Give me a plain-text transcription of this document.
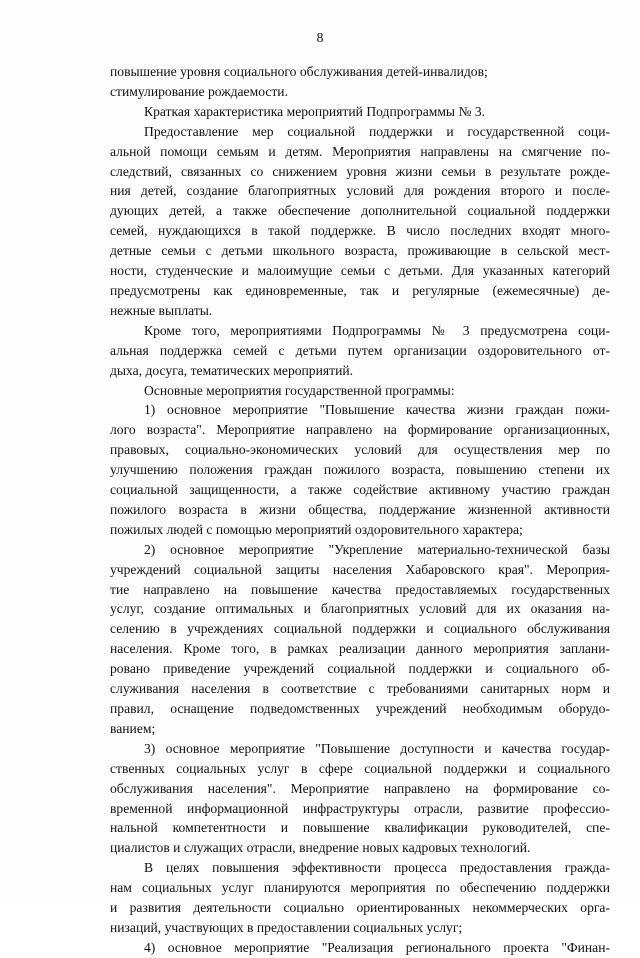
8
повышение уровня социального обслуживания детей-инвалидов;
стимулирование рождаемости.
Краткая характеристика мероприятий Подпрограммы № 3.
Предоставление мер социальной поддержки и государственной соци-
альной помощи семьям и детям. Мероприятия направлены на смягчение по-
следствий, связанных со снижением уровня жизни семьи в результате рожде-
ния детей, создание благоприятных условий для рождения второго и после-
дующих детей, а также обеспечение дополнительной социальной поддержки
семей, нуждающихся в такой поддержке. В число последних входят много-
детные семьи с детьми школьного возраста, проживающие в сельской мест-
ности, студенческие и малоимущие семьи с детьми. Для указанных категорий
предусмотрены как единовременные, так и регулярные (ежемесячные) де-
нежные выплаты.
Кроме того, мероприятиями Подпрограммы № 3 предусмотрена соци-
альная поддержка семей с детьми путем организации оздоровительного от-
дыха, досуга, тематических мероприятий.
Основные мероприятия государственной программы:
1) основное мероприятие "Повышение качества жизни граждан пожи-
лого возраста". Мероприятие направлено на формирование организационных,
правовых, социально-экономических условий для осуществления мер по
улучшению положения граждан пожилого возраста, повышению степени их
социальной защищенности, а также содействие активному участию граждан
пожилого возраста в жизни общества, поддержание жизненной активности
пожилых людей с помощью мероприятий оздоровительного характера;
2) основное мероприятие "Укрепление материально-технической базы
учреждений социальной защиты населения Хабаровского края". Мероприя-
тие направлено на повышение качества предоставляемых государственных
услуг, создание оптимальных и благоприятных условий для их оказания на-
селению в учреждениях социальной поддержки и социального обслуживания
населения. Кроме того, в рамках реализации данного мероприятия заплани-
ровано приведение учреждений социальной поддержки и социального об-
служивания населения в соответствие с требованиями санитарных норм и
правил, оснащение подведомственных учреждений необходимым оборудо-
ванием;
3) основное мероприятие "Повышение доступности и качества государ-
ственных социальных услуг в сфере социальной поддержки и социального
обслуживания населения". Мероприятие направлено на формирование со-
временной информационной инфраструктуры отрасли, развитие профессио-
нальной компетентности и повышение квалификации руководителей, спе-
циалистов и служащих отрасли, внедрение новых кадровых технологий.
В целях повышения эффективности процесса предоставления гражда-
нам социальных услуг планируются мероприятия по обеспечению поддержки
и развития деятельности социально ориентированных некоммерческих орга-
низаций, участвующих в предоставлении социальных услуг;
4) основное мероприятие "Реализация регионального проекта "Финан-
